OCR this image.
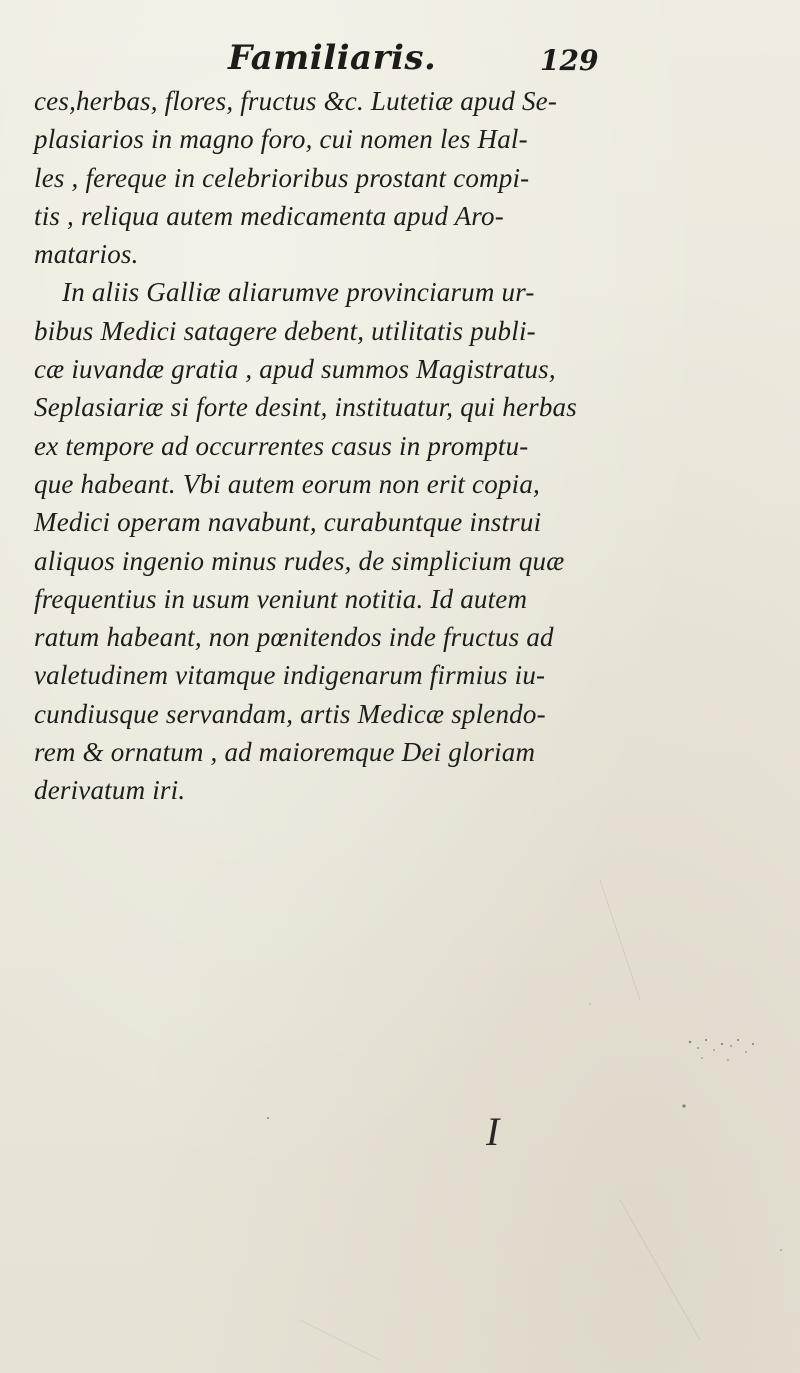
Familiaris.	129
ces,herbas, flores, fructus &c. Lutetiæ apud Se-
plasiarios in magno foro, cui nomen les Hal-
les , fereque in celebrioribus prostant compi-
tis , reliqua autem medicamenta apud Aro-
matarios.
In aliis Galliæ aliarumve provinciarum ur-
bibus Medici satagere debent, utilitatis publi-
cæ iuvandæ gratia , apud summos Magistratus,
Seplasiariæ si forte desint, instituatur, qui herbas
ex tempore ad occurrentes casus in promptu-
que habeant. Vbi autem eorum non erit copia,
Medici operam navabunt, curabuntque instrui
aliquos ingenio minus rudes, de simplicium quæ
frequentius in usum veniunt notitia. Id autem
ratum habeant, non pœnitendos inde fructus ad
valetudinem vitamque indigenarum firmius iu-
cundiusque servandam, artis Medicæ splendo-
rem & ornatum , ad maioremque Dei gloriam
derivatum iri.
I
